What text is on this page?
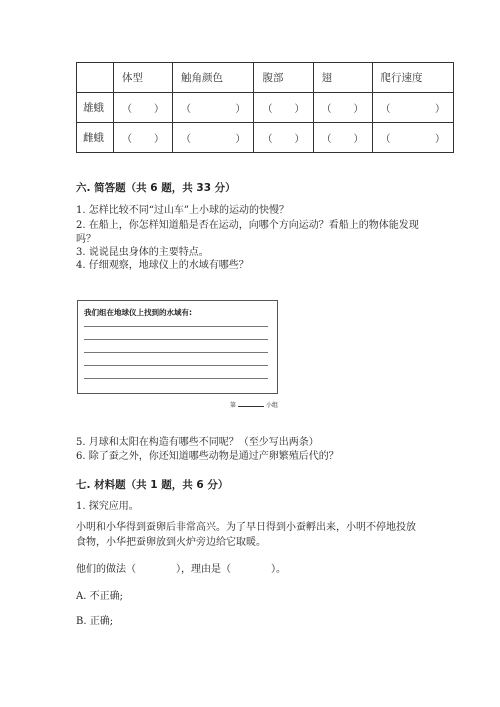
	体型	触角颜色	腹部	翅	爬行速度
雄蛾	（ ）	（ ）	（ ）	（ ）	（ ）

雌蛾	（ ）	（ ）	（ ）	（ ）	（ ）
六. 简答题（共 6 题，共 33 分）
1. 怎样比较不同“过山车”上小球的运动的快慢？
2. 在船上，你怎样知道船是否在运动，向哪个方向运动？看船上的物体能发现
吗？
3. 说说昆虫身体的主要特点。
4. 仔细观察，地球仪上的水域有哪些？
我们组在地球仪上找到的水域有:
第	小组
5. 月球和太阳在构造有哪些不同呢？（至少写出两条）
6. 除了蚕之外，你还知道哪些动物是通过产卵繁殖后代的？
七. 材料题（共 1 题，共 6 分）
1. 探究应用。
小明和小华得到蚕卵后非常高兴。为了早日得到小蚕孵出来，小明不停地投放
食物，小华把蚕卵放到火炉旁边给它取暖。
他们的做法（　　　　），理由是（　　　　）。
A. 不正确;
B. 正确;
